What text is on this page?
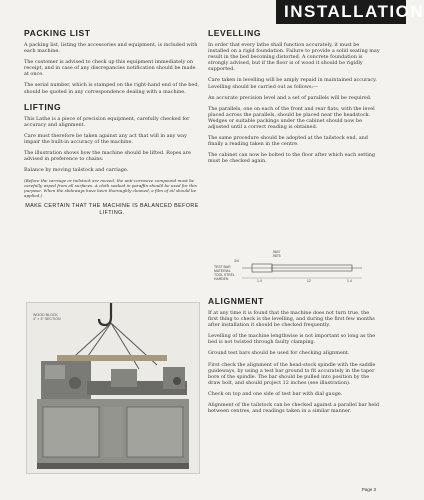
INSTALLATION
PACKING LIST

A packing list, listing the accessories and equipment, is included with each machine.

The customer is advised to check up this equipment immediately on receipt, and in case of any discrepancies notification should be made at once.

The serial number, which is stamped on the right-hand end of the bed, should be quoted in any correspondence dealing with a machine.

LIFTING

This Lathe is a piece of precision equipment, carefully checked for accuracy and alignment.

Care must therefore be taken against any act that will in any way impair the built-in accuracy of the machine.

The illustration shows how the machine should be lifted. Ropes are advised in preference to chains.

Balance by moving tailstock and carriage.

(Before the carriage or tailstock are moved, the anti-corrosive compound must be carefully wiped from all surfaces. A cloth soaked in paraffin should be used for this purpose. When the slideways have been thoroughly cleaned, a film of oil should be applied.)

MAKE CERTAIN THAT THE MACHINE IS BALANCED BEFORE LIFTING.

WOOD BLOCK
4" × 3" SECTION
LEVELLING

In order that every lathe shall function accurately, it must be installed on a rigid foundation. Failure to provide a solid seating may result in the bed becoming distorted. A concrete foundation is strongly advised, but if the floor is of wood it should be rigidly supported.

Care taken in levelling will be amply repaid in maintained accuracy. Levelling should be carried out as follows:—

An accurate precision level and a set of parallels will be required.

The parallels, one on each of the front and rear flats, with the level placed across the parallels, should be placed near the headstock. Wedges or suitable packings under the cabinet should now be adjusted until a correct reading is obtained.

The same procedure should be adopted at the tailstock end, and finally a reading taken in the centre.

The cabinet can now be bolted to the floor after which each setting must be checked again.

.9847
.9875
3/4
1.4	12	1.4
TEST BAR
MATERIAL
TOOL STEEL
HARDEN
ALIGNMENT

If at any time it is found that the machine does not turn true, the first thing to check is the levelling, and during the first few months after installation it should be checked frequently.

Levelling of the machine lengthwise is not important so long as the bed is not twisted through faulty clamping.

Ground test bars should be used for checking alignment.

First check the alignment of the head-stock spindle with the saddle guideways, by using a test bar ground to fit accurately in the taper bore of the spindle. The bar should be pulled into position by the draw bolt, and should project 12 inches (see illustration).

Check on top and one side of test bar with dial gauge.

Alignment of the tailstock can be checked against a parallel bar held between centres, and readings taken in a similar manner.

Page 3
